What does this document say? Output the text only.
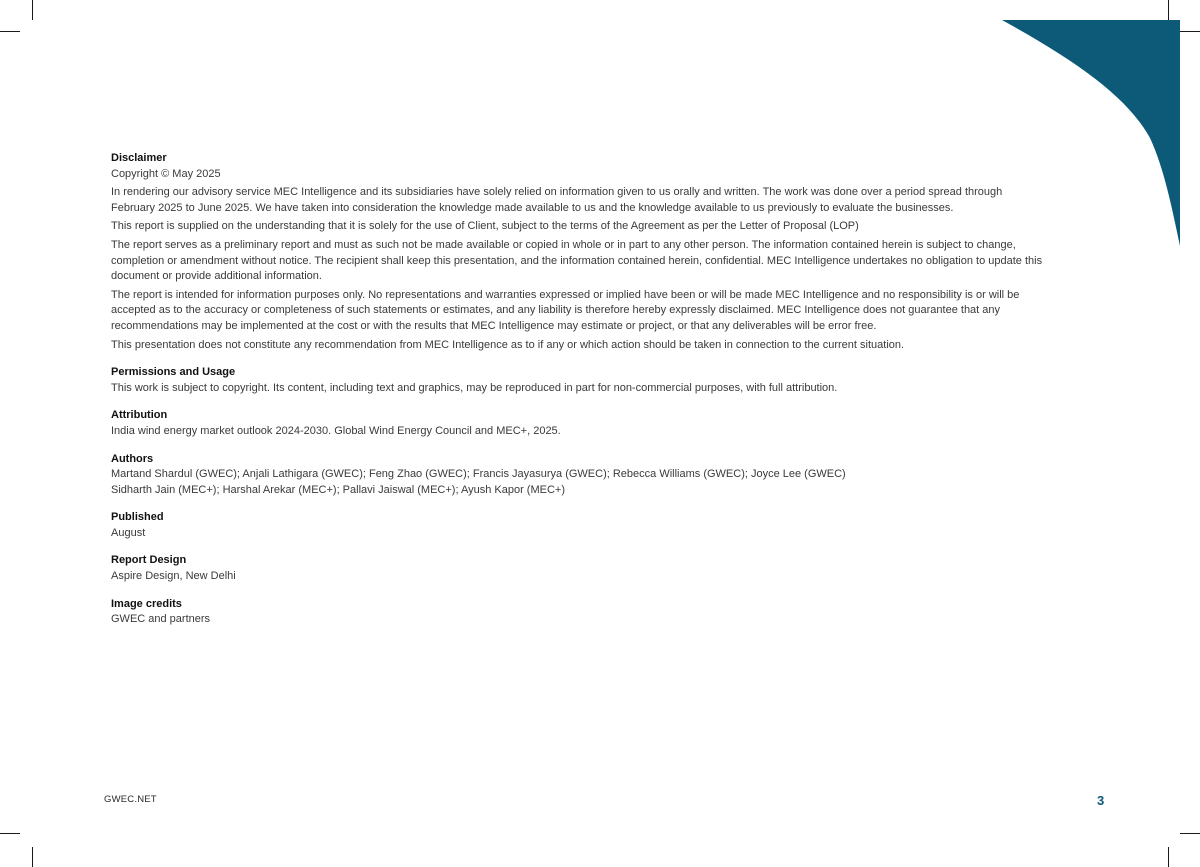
Disclaimer

Copyright © May 2025

In rendering our advisory service MEC Intelligence and its subsidiaries have solely relied on information given to us orally and written. The work was done over a period spread through February 2025 to June 2025. We have taken into consideration the knowledge made available to us and the knowledge available to us previously to evaluate the businesses.

This report is supplied on the understanding that it is solely for the use of Client, subject to the terms of the Agreement as per the Letter of Proposal (LOP)

The report serves as a preliminary report and must as such not be made available or copied in whole or in part to any other person. The information contained herein is subject to change, completion or amendment without notice. The recipient shall keep this presentation, and the information contained herein, confidential. MEC Intelligence undertakes no obligation to update this document or provide additional information.

The report is intended for information purposes only. No representations and warranties expressed or implied have been or will be made MEC Intelligence and no responsibility is or will be accepted as to the accuracy or completeness of such statements or estimates, and any liability is therefore hereby expressly disclaimed. MEC Intelligence does not guarantee that any recommendations may be implemented at the cost or with the results that MEC Intelligence may estimate or project, or that any deliverables will be error free.

This presentation does not constitute any recommendation from MEC Intelligence as to if any or which action should be taken in connection to the current situation.

Permissions and Usage

This work is subject to copyright. Its content, including text and graphics, may be reproduced in part for non-commercial purposes, with full attribution.

Attribution

India wind energy market outlook 2024-2030. Global Wind Energy Council and MEC+, 2025.

Authors

Martand Shardul (GWEC); Anjali Lathigara (GWEC); Feng Zhao (GWEC); Francis Jayasurya (GWEC); Rebecca Williams (GWEC); Joyce Lee (GWEC)

Sidharth Jain (MEC+); Harshal Arekar (MEC+); Pallavi Jaiswal (MEC+); Ayush Kapor (MEC+)

Published

August

Report Design

Aspire Design, New Delhi

Image credits

GWEC and partners

GWEC.NET	3
